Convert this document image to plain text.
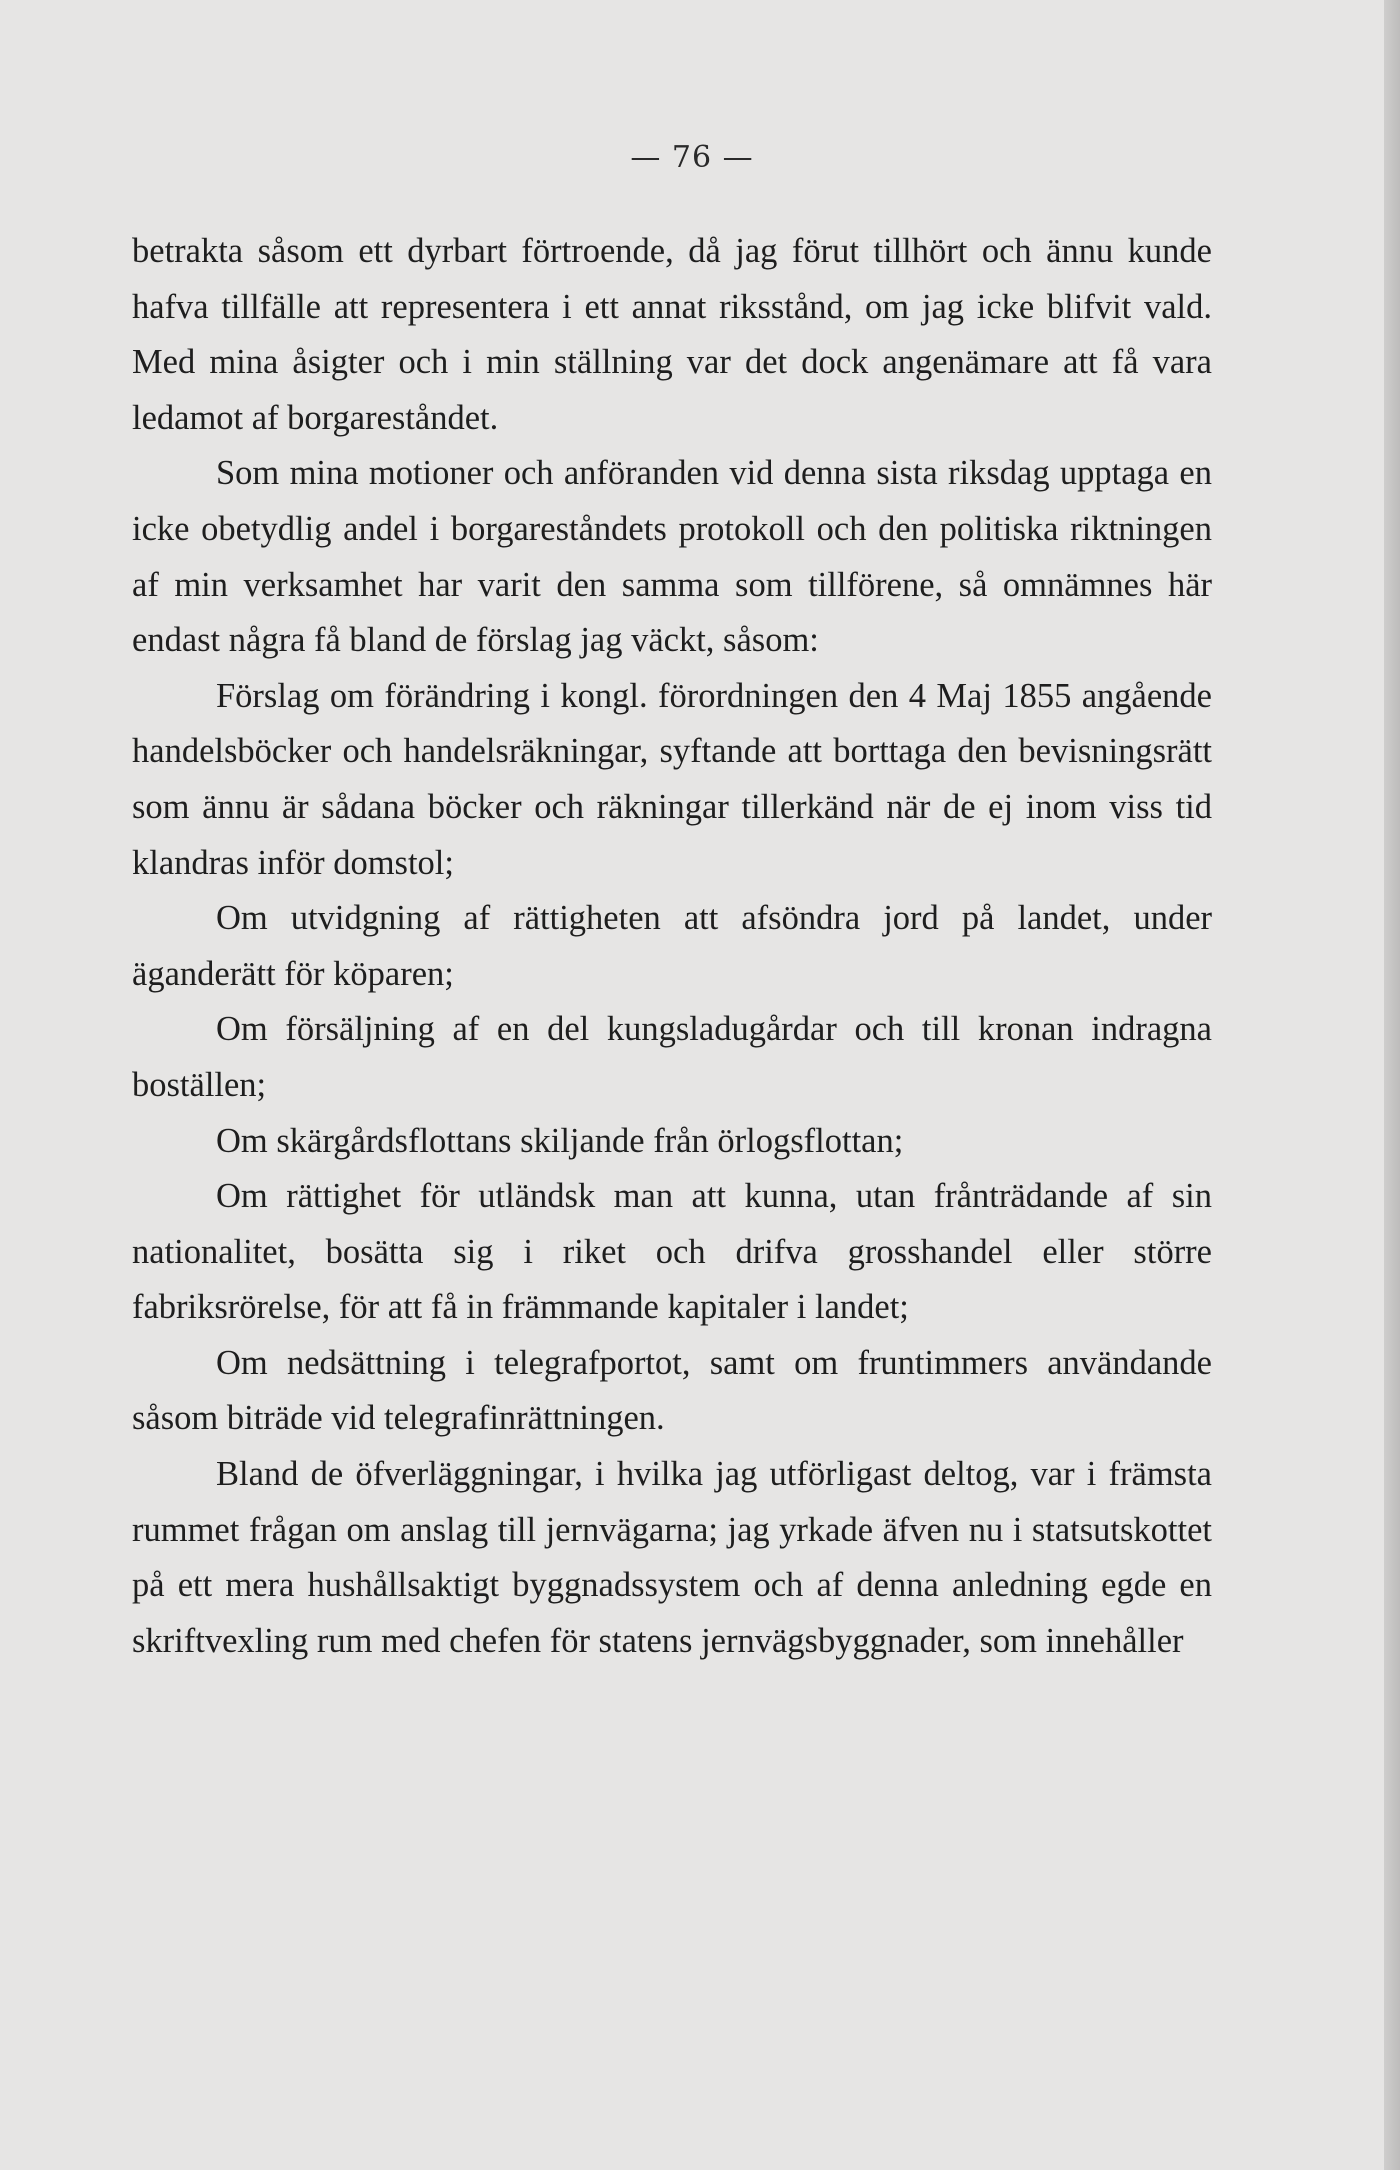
— 76 —

betrakta såsom ett dyrbart förtroende, då jag förut tillhört och ännu kunde hafva tillfälle att representera i ett annat riksstånd, om jag icke blifvit vald. Med mina åsigter och i min ställning var det dock angenämare att få vara ledamot af borgareståndet.

Som mina motioner och anföranden vid denna sista riksdag upptaga en icke obetydlig andel i borgareståndets protokoll och den politiska riktningen af min verksamhet har varit den samma som tillförene, så omnämnes här endast några få bland de förslag jag väckt, såsom:

Förslag om förändring i kongl. förordningen den 4 Maj 1855 angående handelsböcker och handelsräkningar, syftande att borttaga den bevisningsrätt som ännu är sådana böcker och räkningar tillerkänd när de ej inom viss tid klandras inför domstol;

Om utvidgning af rättigheten att afsöndra jord på landet, under äganderätt för köparen;

Om försäljning af en del kungsladugårdar och till kronan indragna boställen;

Om skärgårdsflottans skiljande från örlogsflottan;

Om rättighet för utländsk man att kunna, utan frånträdande af sin nationalitet, bosätta sig i riket och drifva grosshandel eller större fabriksrörelse, för att få in främmande kapitaler i landet;

Om nedsättning i telegrafportot, samt om fruntimmers användande såsom biträde vid telegrafinrättningen.

Bland de öfverläggningar, i hvilka jag utförligast deltog, var i främsta rummet frågan om anslag till jernvägarna; jag yrkade äfven nu i statsutskottet på ett mera hushållsaktigt byggnadssystem och af denna anledning egde en skriftvexling rum med chefen för statens jernvägsbyggnader, som innehåller
